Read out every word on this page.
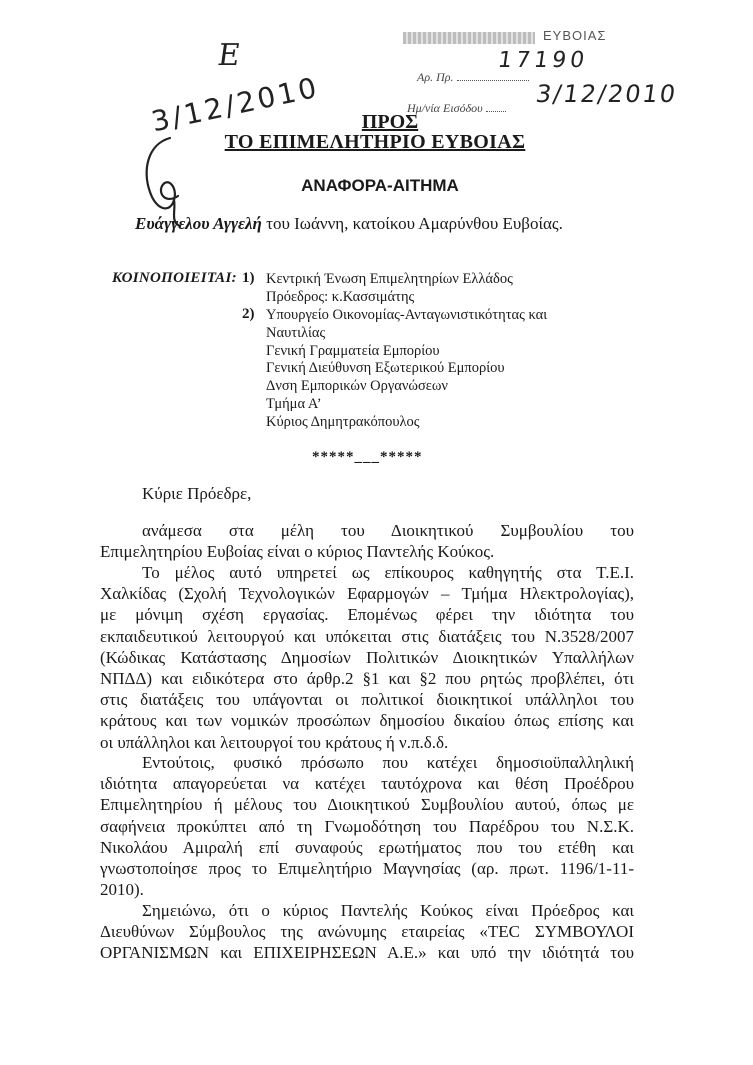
ΕΥΒΟΙΑΣ
Αρ. Πρ.
Ημ/νία Εισόδου
17190
3/12/2010
Ε
3/12/2010	ΠΡΟΣ
ΤΟ ΕΠΙΜΕΛΗΤΗΡΙΟ ΕΥΒΟΙΑΣ
ΑΝΑΦΟΡΑ-ΑΙΤΗΜΑ
Ευάγγελου Αγγελή του Ιωάννη, κατοίκου Αμαρύνθου Ευβοίας.
ΚΟΙΝΟΠΟΙΕΙΤΑΙ: 1) Κεντρική Ένωση Επιμελητηρίων Ελλάδος
Πρόεδρος: κ.Κασσιμάτης
2) Υπουργείο Οικονομίας-Ανταγωνιστικότητας και
Ναυτιλίας
Γενική Γραμματεία Εμπορίου
Γενική Διεύθυνση Εξωτερικού Εμπορίου
Δνση Εμπορικών Οργανώσεων
Τμήμα Α’
Κύριος Δημητρακόπουλος
*****___*****
Κύριε Πρόεδρε,
ανάμεσα στα μέλη του Διοικητικού Συμβουλίου του
Επιμελητηρίου Ευβοίας είναι ο κύριος Παντελής Κούκος.
Το μέλος αυτό υπηρετεί ως επίκουρος καθηγητής στα Τ.Ε.Ι.
Χαλκίδας (Σχολή Τεχνολογικών Εφαρμογών – Τμήμα Ηλεκτρολογίας),
με μόνιμη σχέση εργασίας. Επομένως φέρει την ιδιότητα του
εκπαιδευτικού λειτουργού και υπόκειται στις διατάξεις του Ν.3528/2007
(Κώδικας Κατάστασης Δημοσίων Πολιτικών Διοικητικών Υπαλλήλων
ΝΠΔΔ) και ειδικότερα στο άρθρ.2 §1 και §2 που ρητώς προβλέπει, ότι
στις διατάξεις του υπάγονται οι πολιτικοί διοικητικοί υπάλληλοι του
κράτους και των νομικών προσώπων δημοσίου δικαίου όπως επίσης και
οι υπάλληλοι και λειτουργοί του κράτους ή ν.π.δ.δ.
Εντούτοις, φυσικό πρόσωπο που κατέχει δημοσιοϋπαλληλική
ιδιότητα απαγορεύεται να κατέχει ταυτόχρονα και θέση Προέδρου
Επιμελητηρίου ή μέλους του Διοικητικού Συμβουλίου αυτού, όπως με
σαφήνεια προκύπτει από τη Γνωμοδότηση του Παρέδρου του Ν.Σ.Κ.
Νικολάου Αμιραλή επί συναφούς ερωτήματος που του ετέθη και
γνωστοποίησε προς το Επιμελητήριο Μαγνησίας (αρ. πρωτ. 1196/1-11-
2010).
Σημειώνω, ότι ο κύριος Παντελής Κούκος είναι Πρόεδρος και
Διευθύνων Σύμβουλος της ανώνυμης εταιρείας «ΤΕC ΣΥΜΒΟΥΛΟΙ
ΟΡΓΑΝΙΣΜΩΝ και ΕΠΙΧΕΙΡΗΣΕΩΝ Α.Ε.» και υπό την ιδιότητά του
